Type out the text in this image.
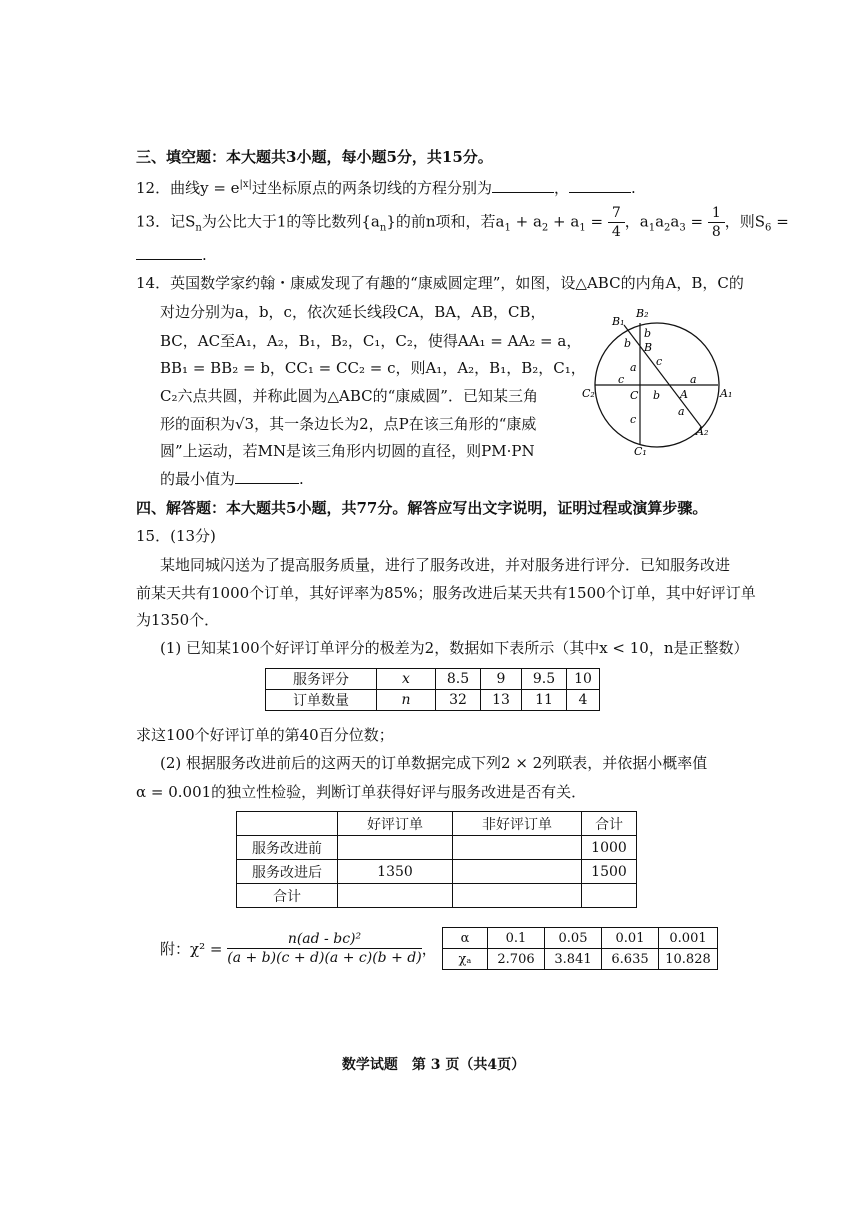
三、填空题：本大题共3小题，每小题5分，共15分。
12．曲线$y = e^{|x|}$过坐标原点的两条切线的方程分别为	，	.
13．记$S_n$为公比大于1的等比数列$\{a_n\}$的前n项和，若$a_1 + a_2 + a_1 = \frac{7}{4}$ ，$a_1a_2a_3 = \frac{1}{8}$ ，则$S_6$ =
.
14．英国数学家约翰・康威发现了有趣的“康威圆定理”，如图，设△ABC的内角A，B，C的
对边分别为a，b，c，依次延长线段CA，BA，AB，CB，
BC，AC至A₁，A₂，B₁，B₂，C₁，C₂，使得AA₁ = AA₂ = a，
BB₁ = BB₂ = b，CC₁ = CC₂ = c，则A₁，A₂，B₁，B₂，C₁，
C₂六点共圆，并称此圆为△ABC的“康威圆”．已知某三角
形的面积为√3，其一条边长为2，点P在该三角形的“康威
圆”上运动，若MN是该三角形内切圆的直径，则PM·PN
的最小值为	.
B₂
B₁
B
b
b
c
a
c	a
C₂	C b A	A₁
a
c
A₂
C₁
四、解答题：本大题共5小题，共77分。解答应写出文字说明，证明过程或演算步骤。
15．(13分)
某地同城闪送为了提高服务质量，进行了服务改进，并对服务进行评分．已知服务改进
前某天共有1000个订单，其好评率为85%；服务改进后某天共有1500个订单，其中好评订单
为1350个．
(1) 已知某100个好评订单评分的极差为2，数据如下表所示（其中x < 10，n是正整数）
服务评分	x	8.5	9	9.5	10
订单数量	n	32	13	11	4
求这100个好评订单的第40百分位数；
(2) 根据服务改进前后的这两天的订单数据完成下列2 × 2列联表，并依据小概率值
α = 0.001的独立性检验，判断订单获得好评与服务改进是否有关．
	好评订单	非好评订单	合计
服务改进前			1000
服务改进后	1350		1500
合计			
附：$\chi^2 = \frac{\text{n(ad - bc)²}}{(a + b)(c + d)(a + c)(b + d)}$ ，
α	0.1	0.05	0.01	0.001
χₐ	2.706	3.841	6.635	10.828
数学试题　第 3 页（共4页）
